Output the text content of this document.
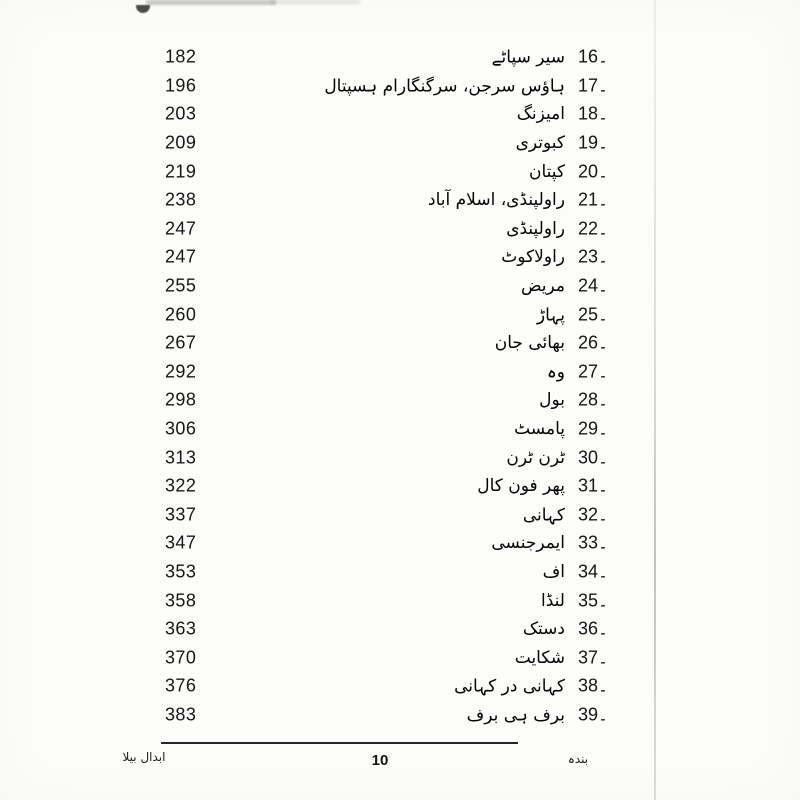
182	سیر سپاٹے	۔16
196	ہاؤس سرجن، سرگنگارام ہسپتال	۔17
203	امیزنگ	۔18
209	کبوتری	۔19
219	کپتان	۔20
238	راولپنڈی، اسلام آباد	۔21
247	راولپنڈی	۔22
247	راولاکوٹ	۔23
255	مریض	۔24
260	پہاڑ	۔25
267	بھائی جان	۔26
292	وہ	۔27
298	بول	۔28
306	پامسٹ	۔29
313	ٹرن ٹرن	۔30
322	پھر فون کال	۔31
337	کہانی	۔32
347	ایمرجنسی	۔33
353	اف	۔34
358	لنڈا	۔35
363	دستک	۔36
370	شکایت	۔37
376	کہانی در کہانی	۔38
383	برف ہی برف	۔39
ابدال بیلا	10	بندہ
